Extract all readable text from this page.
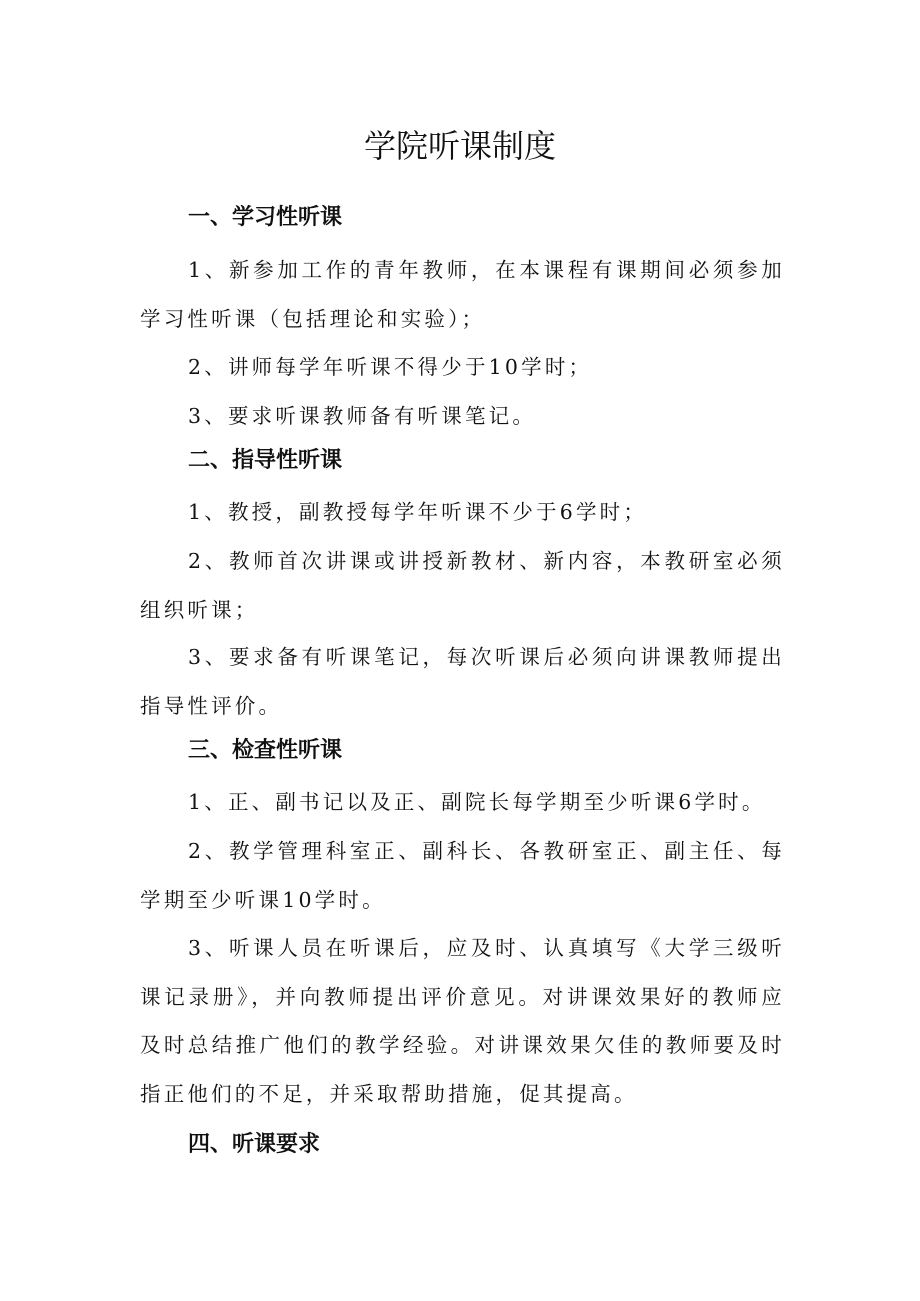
学院听课制度
一、学习性听课

1、新参加工作的青年教师，在本课程有课期间必须参加学习性听课（包括理论和实验）；

2、讲师每学年听课不得少于10学时；

3、要求听课教师备有听课笔记。

二、指导性听课

1、教授，副教授每学年听课不少于6学时；

2、教师首次讲课或讲授新教材、新内容，本教研室必须组织听课；

3、要求备有听课笔记，每次听课后必须向讲课教师提出指导性评价。

三、检查性听课

1、正、副书记以及正、副院长每学期至少听课6学时。

2、教学管理科室正、副科长、各教研室正、副主任、每学期至少听课10学时。

3、听课人员在听课后，应及时、认真填写《大学三级听课记录册》，并向教师提出评价意见。对讲课效果好的教师应及时总结推广他们的教学经验。对讲课效果欠佳的教师要及时指正他们的不足，并采取帮助措施，促其提高。

四、听课要求
